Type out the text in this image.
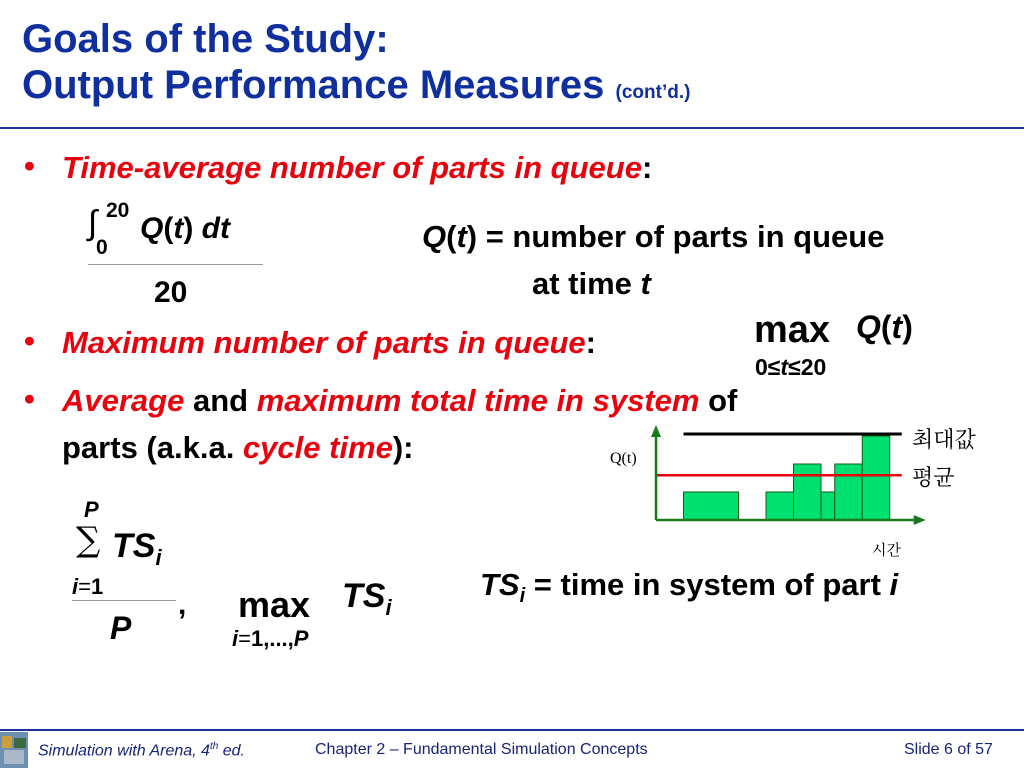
Goals of the Study:
Output Performance Measures (cont’d.)
• Time-average number of parts in queue:
∫ 20
0
Q(t) dt
20
Q(t) = number of parts in queue
at time t
• Maximum number of parts in queue:	max Q(t)
0≤t≤20
• Average and maximum total time in system of
parts (a.k.a. cycle time):	Q(t)
최대값
평균
시간
P
∑ $TS_i$
i=1
P
, $\max TS_i$
i=1,...,P
$TS_i$ = time in system of part i
Simulation with Arena, 4th ed.	Chapter 2 – Fundamental Simulation Concepts	Slide 6 of 57
